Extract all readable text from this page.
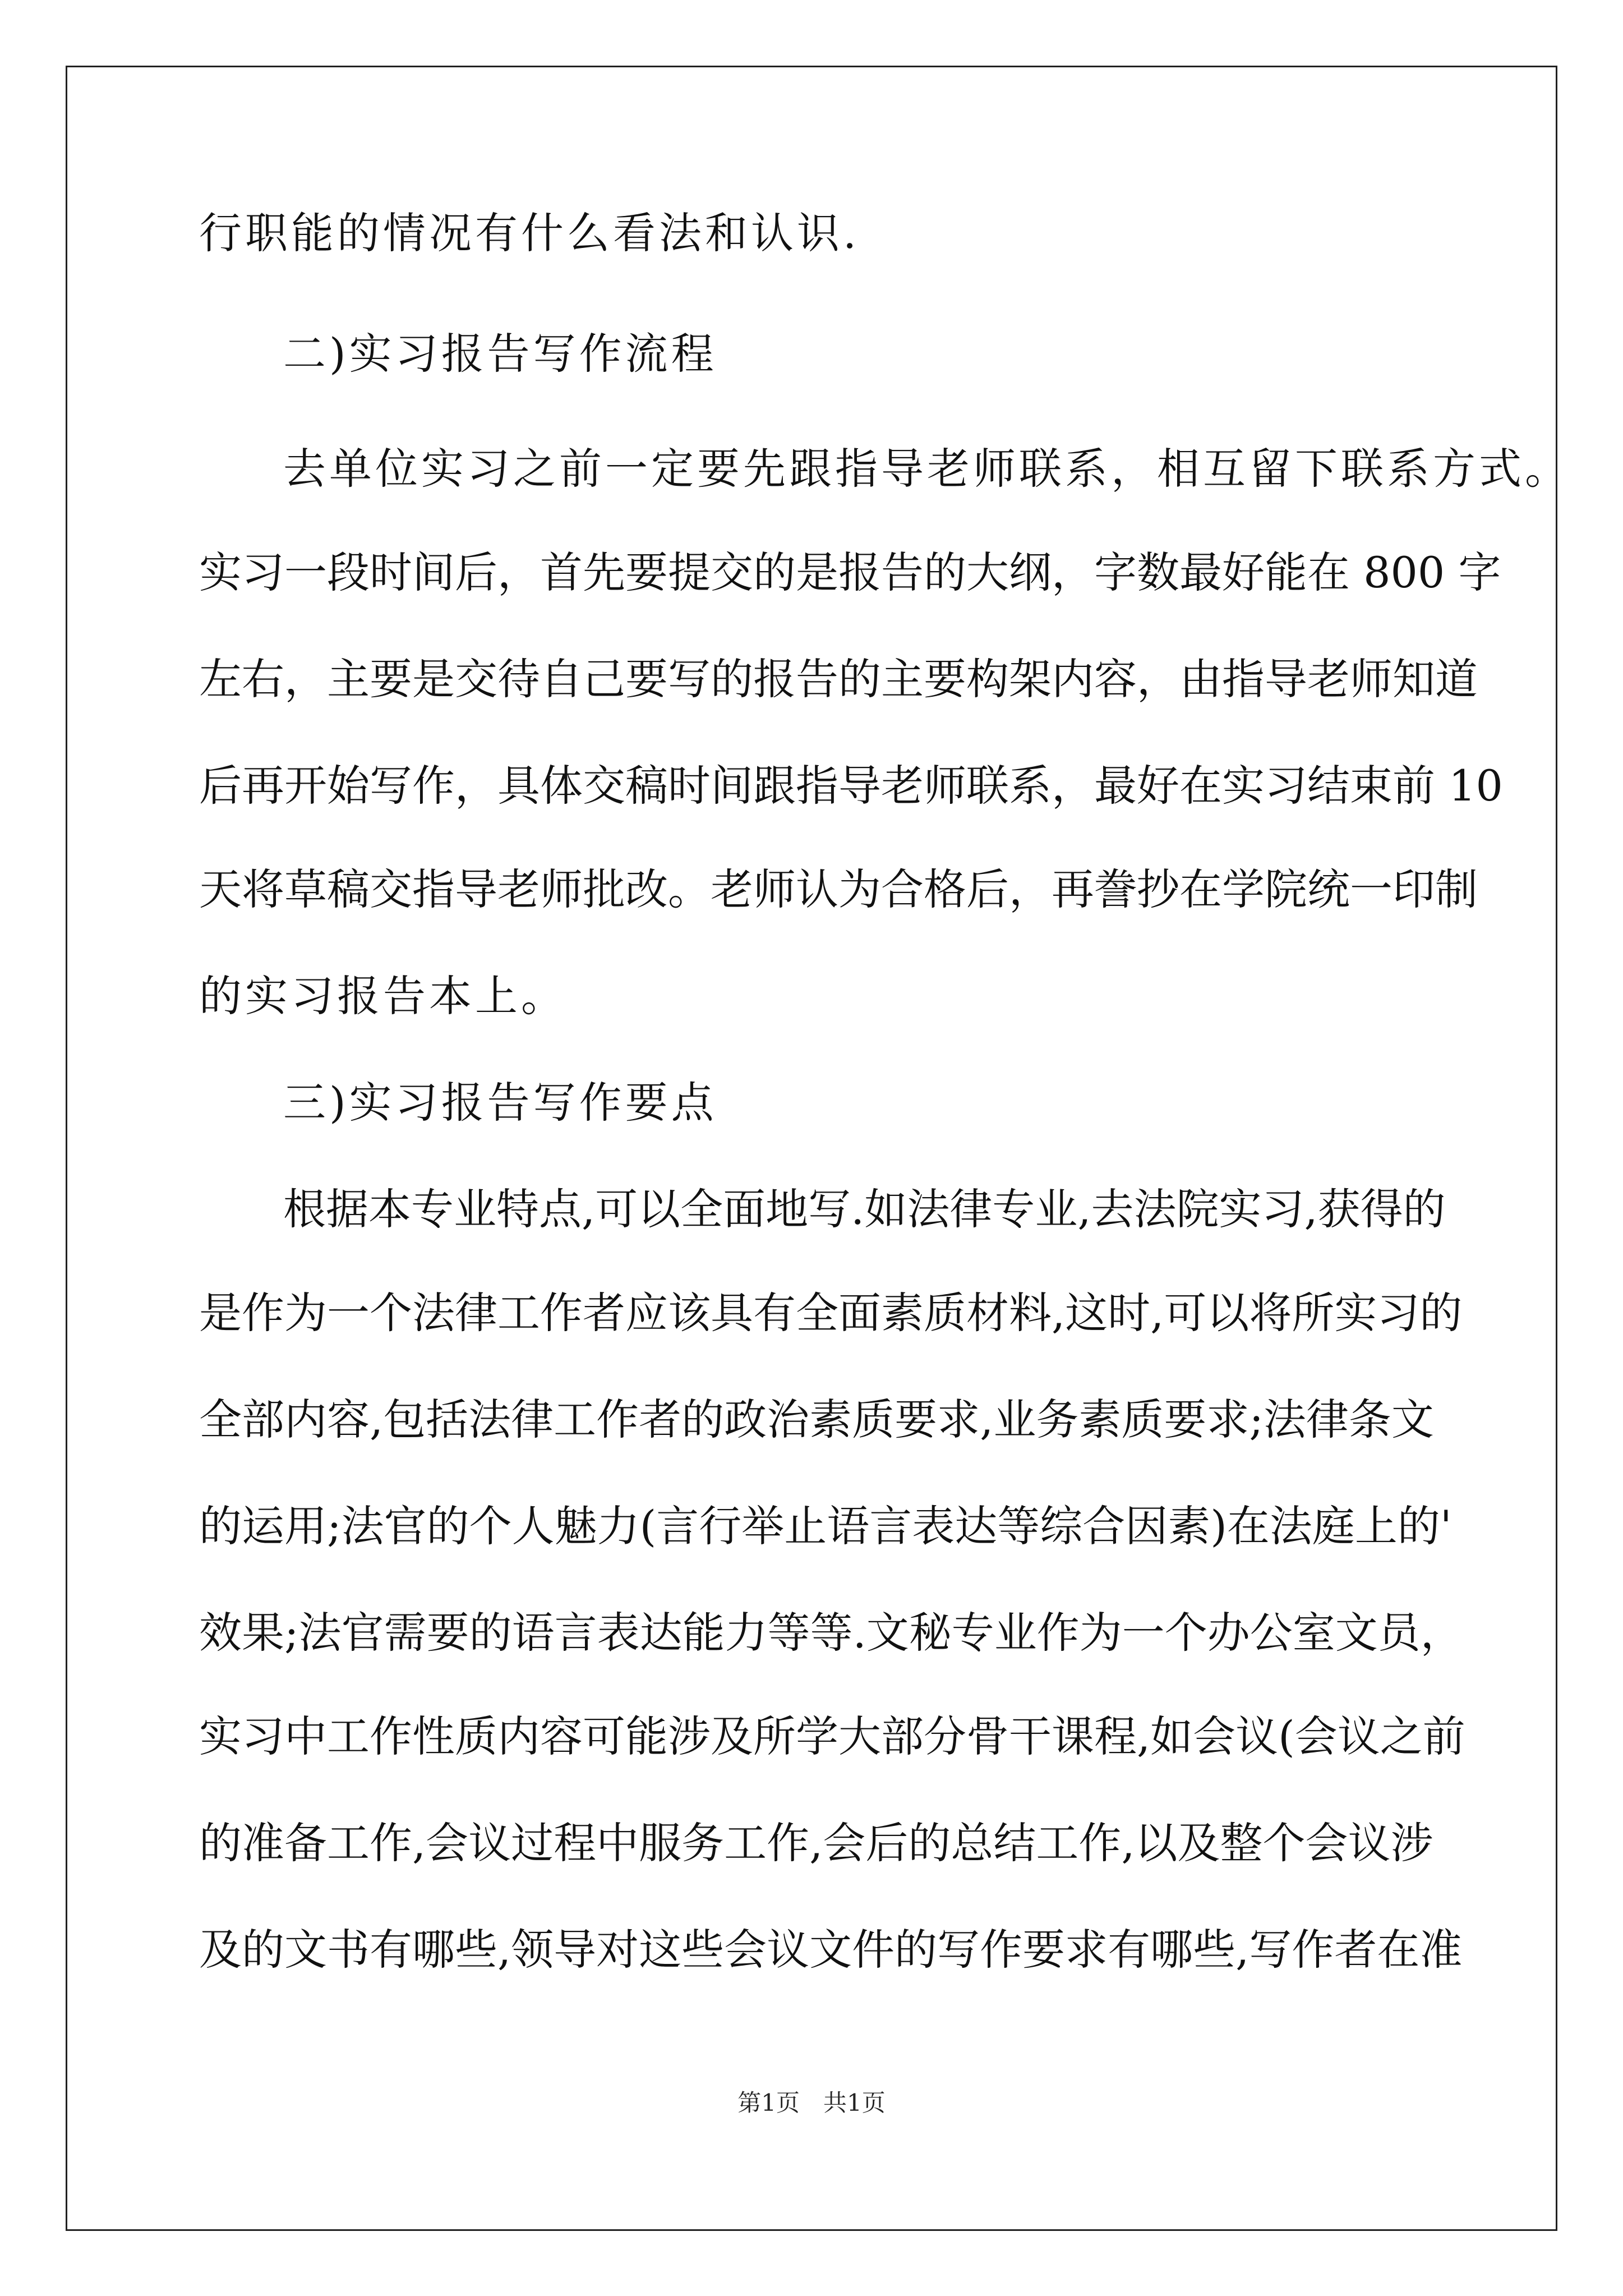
行职能的情况有什么看法和认识.
二)实习报告写作流程
去单位实习之前一定要先跟指导老师联系，相互留下联系方式。
实习一段时间后，首先要提交的是报告的大纲，字数最好能在 800 字
左右，主要是交待自己要写的报告的主要构架内容，由指导老师知道
后再开始写作，具体交稿时间跟指导老师联系，最好在实习结束前 10
天将草稿交指导老师批改。老师认为合格后，再誊抄在学院统一印制
的实习报告本上。
三)实习报告写作要点
根据本专业特点,可以全面地写.如法律专业,去法院实习,获得的
是作为一个法律工作者应该具有全面素质材料,这时,可以将所实习的
全部内容,包括法律工作者的政治素质要求,业务素质要求;法律条文
的运用;法官的个人魅力(言行举止语言表达等综合因素)在法庭上的'
效果;法官需要的语言表达能力等等.文秘专业作为一个办公室文员，
实习中工作性质内容可能涉及所学大部分骨干课程,如会议(会议之前
的准备工作,会议过程中服务工作,会后的总结工作,以及整个会议涉
及的文书有哪些,领导对这些会议文件的写作要求有哪些,写作者在准
第1页　共1页
